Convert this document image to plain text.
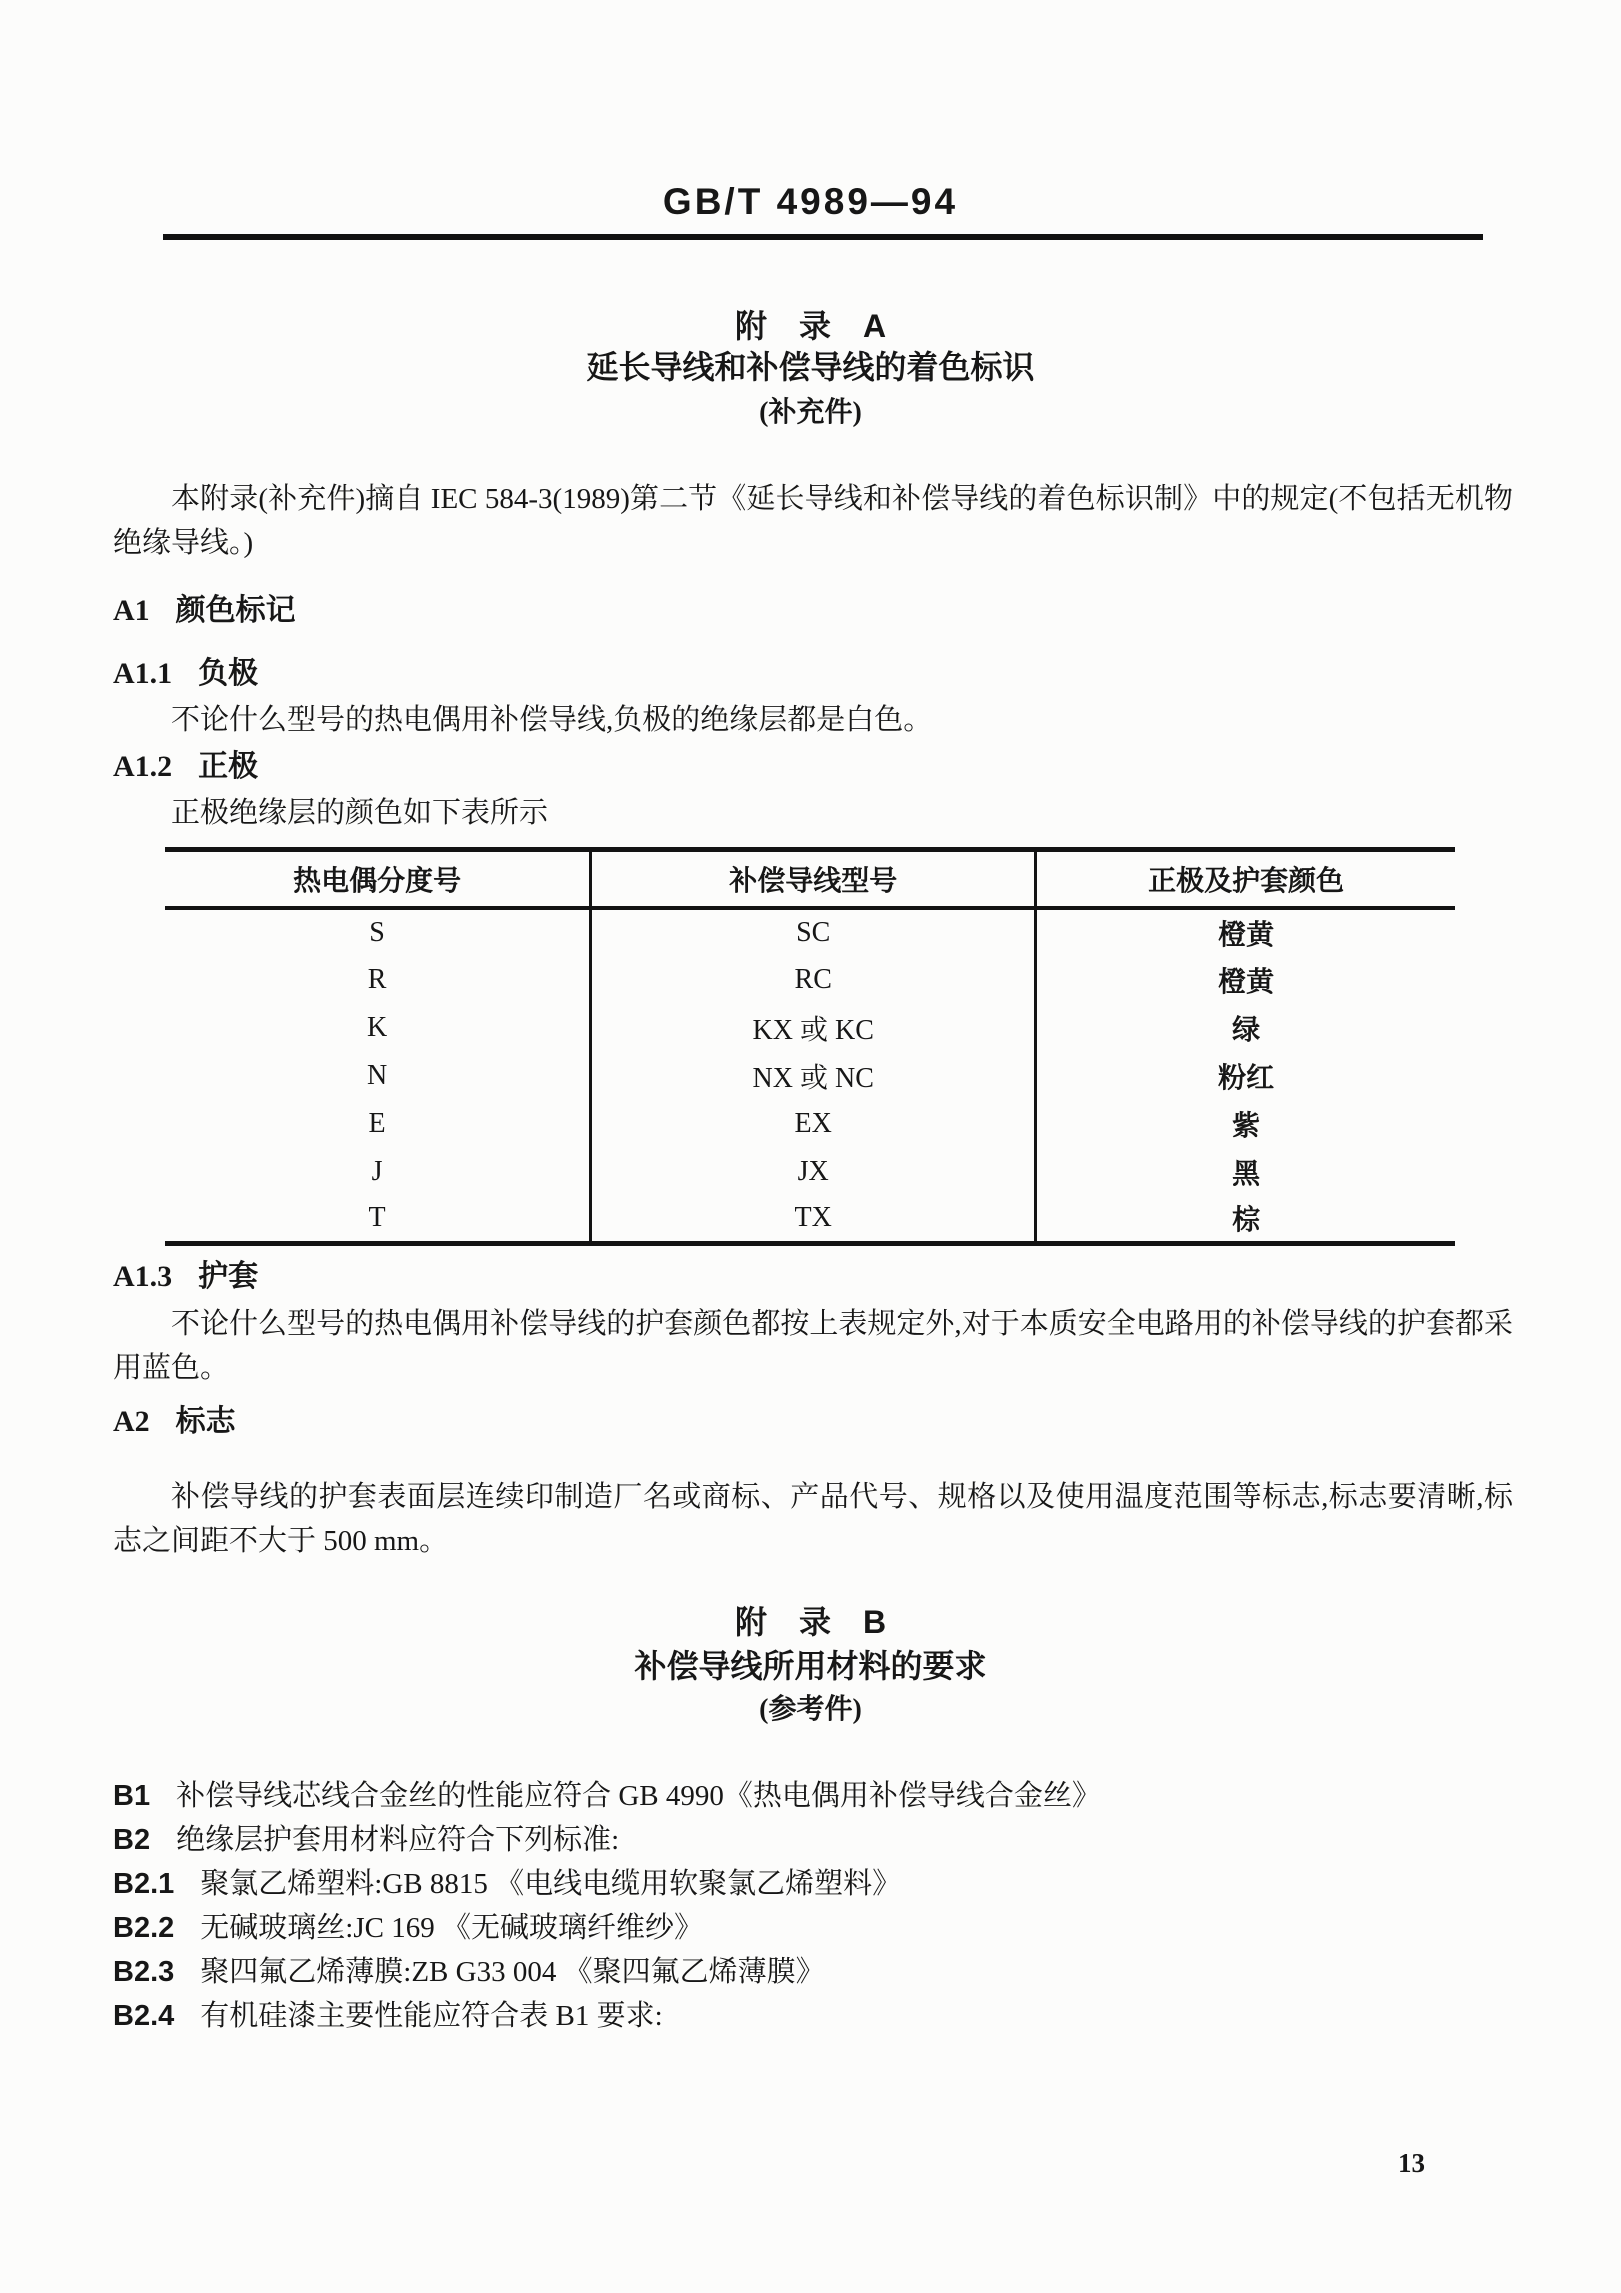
GB/T 4989—94
附　录　A
延长导线和补偿导线的着色标识
(补充件)
本附录(补充件)摘自 IEC 584-3(1989)第二节《延长导线和补偿导线的着色标识制》中的规定(不包括无机物绝缘导线。)
A1 颜色标记
A1.1 负极
不论什么型号的热电偶用补偿导线,负极的绝缘层都是白色。
A1.2 正极
正极绝缘层的颜色如下表所示
热电偶分度号	补偿导线型号	正极及护套颜色
S	SC	橙黄
R	RC	橙黄
K	KX 或 KC	绿
N	NX 或 NC	粉红
E	EX	紫
J	JX	黑
T	TX	棕
A1.3 护套
不论什么型号的热电偶用补偿导线的护套颜色都按上表规定外,对于本质安全电路用的补偿导线的护套都采用蓝色。
A2 标志
补偿导线的护套表面层连续印制造厂名或商标、产品代号、规格以及使用温度范围等标志,标志要清晰,标志之间距不大于 500 mm。
附　录　B
补偿导线所用材料的要求
(参考件)
B1 补偿导线芯线合金丝的性能应符合 GB 4990《热电偶用补偿导线合金丝》
B2 绝缘层护套用材料应符合下列标准:
B2.1 聚氯乙烯塑料:GB 8815 《电线电缆用软聚氯乙烯塑料》
B2.2 无碱玻璃丝:JC 169 《无碱玻璃纤维纱》
B2.3 聚四氟乙烯薄膜:ZB G33 004 《聚四氟乙烯薄膜》
B2.4 有机硅漆主要性能应符合表 B1 要求:
13
